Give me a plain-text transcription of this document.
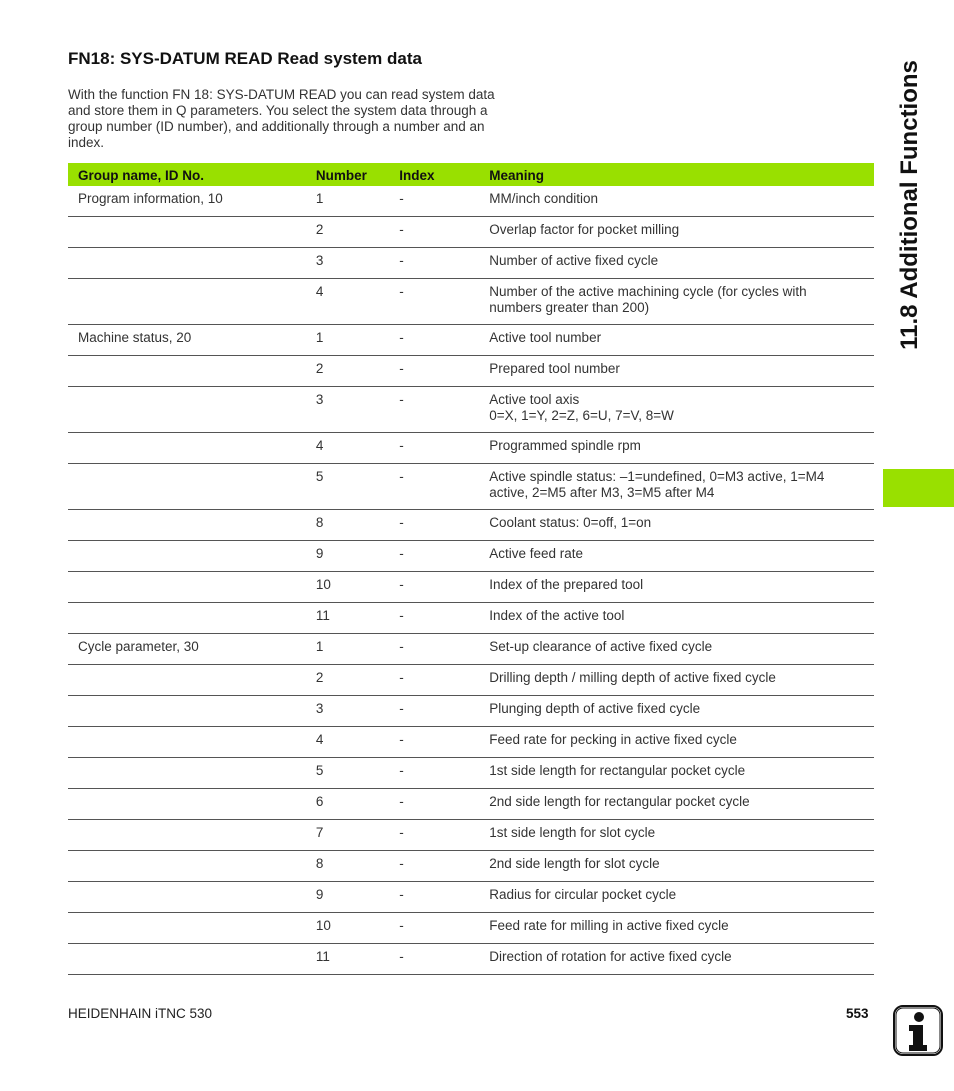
FN18: SYS-DATUM READ Read system data

With the function FN 18: SYS-DATUM READ you can read system data and store them in Q parameters. You select the system data through a group number (ID number), and additionally through a number and an index.

Group name, ID No.	Number	Index	Meaning
Program information, 10	1	-	MM/inch condition
	2	-	Overlap factor for pocket milling
	3	-	Number of active fixed cycle
	4	-	Number of the active machining cycle (for cycles with numbers greater than 200)
Machine status, 20	1	-	Active tool number
	2	-	Prepared tool number
	3	-	Active tool axis
0=X, 1=Y, 2=Z, 6=U, 7=V, 8=W
	4	-	Programmed spindle rpm
	5	-	Active spindle status: –1=undefined, 0=M3 active, 1=M4 active, 2=M5 after M3, 3=M5 after M4
	8	-	Coolant status: 0=off, 1=on
	9	-	Active feed rate
	10	-	Index of the prepared tool
	11	-	Index of the active tool
Cycle parameter, 30	1	-	Set-up clearance of active fixed cycle
	2	-	Drilling depth / milling depth of active fixed cycle
	3	-	Plunging depth of active fixed cycle
	4	-	Feed rate for pecking in active fixed cycle
	5	-	1st side length for rectangular pocket cycle
	6	-	2nd side length for rectangular pocket cycle
	7	-	1st side length for slot cycle
	8	-	2nd side length for slot cycle
	9	-	Radius for circular pocket cycle
	10	-	Feed rate for milling in active fixed cycle
	11	-	Direction of rotation for active fixed cycle
11.8 Additional Functions
HEIDENHAIN iTNC 530	553
